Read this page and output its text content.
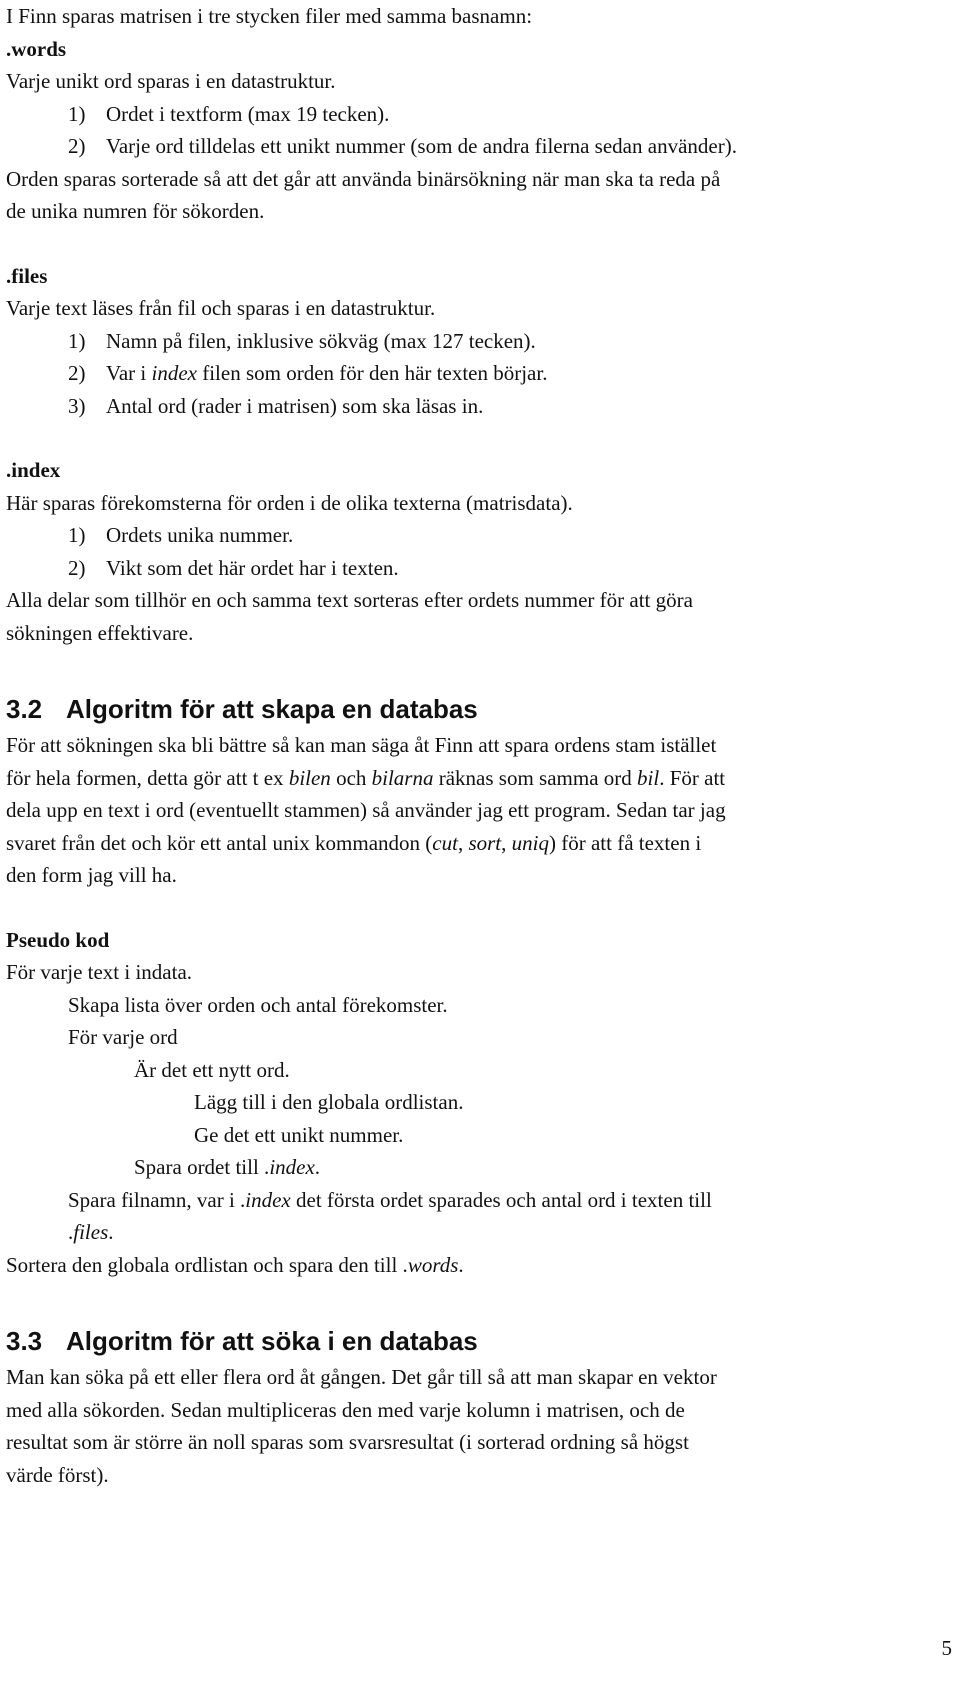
I Finn sparas matrisen i tre stycken filer med samma basnamn:

.words

Varje unikt ord sparas i en datastruktur.

1) Ordet i textform (max 19 tecken).

2) Varje ord tilldelas ett unikt nummer (som de andra filerna sedan använder).

Orden sparas sorterade så att det går att använda binärsökning när man ska ta reda på

de unika numren för sökorden.

.files

Varje text läses från fil och sparas i en datastruktur.

1) Namn på filen, inklusive sökväg (max 127 tecken).

2) Var i index filen som orden för den här texten börjar.

3) Antal ord (rader i matrisen) som ska läsas in.

.index

Här sparas förekomsterna för orden i de olika texterna (matrisdata).

1) Ordets unika nummer.

2) Vikt som det här ordet har i texten.

Alla delar som tillhör en och samma text sorteras efter ordets nummer för att göra

sökningen effektivare.

3.2 Algoritm för att skapa en databas

För att sökningen ska bli bättre så kan man säga åt Finn att spara ordens stam istället

för hela formen, detta gör att t ex bilen och bilarna räknas som samma ord bil. För att

dela upp en text i ord (eventuellt stammen) så använder jag ett program. Sedan tar jag

svaret från det och kör ett antal unix kommandon (cut, sort, uniq) för att få texten i

den form jag vill ha.

Pseudo kod

För varje text i indata.

Skapa lista över orden och antal förekomster.

För varje ord

Är det ett nytt ord.

Lägg till i den globala ordlistan.

Ge det ett unikt nummer.

Spara ordet till .index.

Spara filnamn, var i .index det första ordet sparades och antal ord i texten till

.files.

Sortera den globala ordlistan och spara den till .words.

3.3 Algoritm för att söka i en databas

Man kan söka på ett eller flera ord åt gången. Det går till så att man skapar en vektor

med alla sökorden. Sedan multipliceras den med varje kolumn i matrisen, och de

resultat som är större än noll sparas som svarsresultat (i sorterad ordning så högst

värde först).

5
